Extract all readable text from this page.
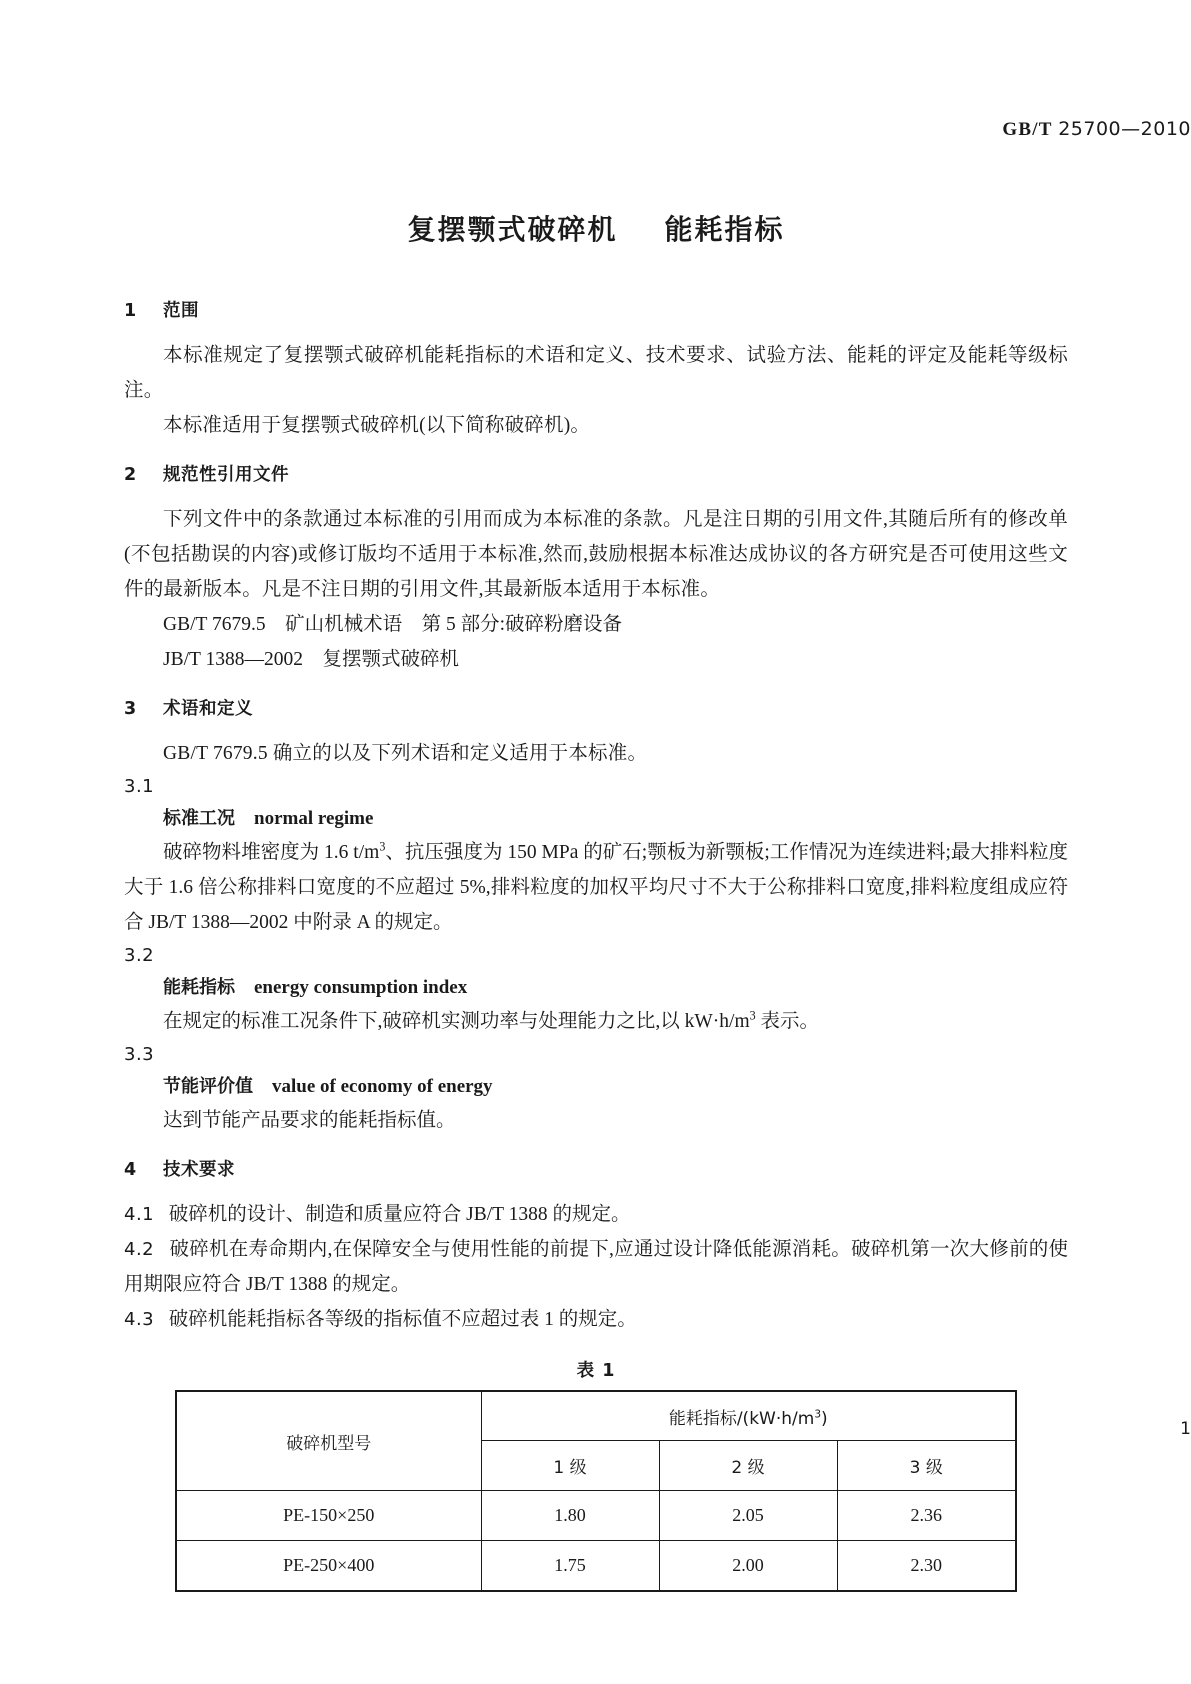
GB/T 25700—2010
复摆颚式破碎机    能耗指标
1    范围

本标准规定了复摆颚式破碎机能耗指标的术语和定义、技术要求、试验方法、能耗的评定及能耗等级标注。

本标准适用于复摆颚式破碎机(以下简称破碎机)。

2    规范性引用文件

下列文件中的条款通过本标准的引用而成为本标准的条款。凡是注日期的引用文件,其随后所有的修改单(不包括勘误的内容)或修订版均不适用于本标准,然而,鼓励根据本标准达成协议的各方研究是否可使用这些文件的最新版本。凡是不注日期的引用文件,其最新版本适用于本标准。

GB/T 7679.5    矿山机械术语    第 5 部分:破碎粉磨设备

JB/T 1388—2002    复摆颚式破碎机

3    术语和定义

GB/T 7679.5 确立的以及下列术语和定义适用于本标准。

3.1

标准工况 normal regime

破碎物料堆密度为 1.6 $t/m^3$、抗压强度为 150 MPa 的矿石;颚板为新颚板;工作情况为连续进料;最大排料粒度大于 1.6 倍公称排料口宽度的不应超过 5%,排料粒度的加权平均尺寸不大于公称排料口宽度,排料粒度组成应符合 JB/T 1388—2002 中附录 A 的规定。

3.2

能耗指标 energy consumption index

在规定的标准工况条件下,破碎机实测功率与处理能力之比,以 $kW\cdot h/m^3$ 表示。

3.3

节能评价值 value of economy of energy

达到节能产品要求的能耗指标值。

4    技术要求

4.1 破碎机的设计、制造和质量应符合 JB/T 1388 的规定。

4.2 破碎机在寿命期内,在保障安全与使用性能的前提下,应通过设计降低能源消耗。破碎机第一次大修前的使用期限应符合 JB/T 1388 的规定。

4.3 破碎机能耗指标各等级的指标值不应超过表 1 的规定。

表 1
破碎机型号	能耗指标$/(kW\cdot h/m^3)$		
	1 级	2 级	3 级
PE-150×250	1.80	2.05	2.36
PE-250×400	1.75	2.00	2.30
1
